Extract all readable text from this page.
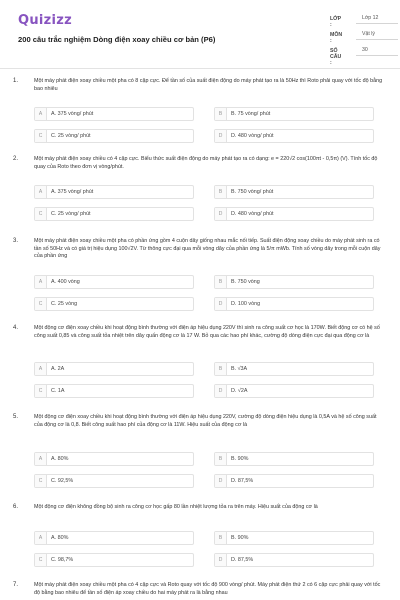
Quizizz
200 câu trắc nghiệm Dòng điện xoay chiều cơ bản (P6)
LỚP :
Lớp 12
MÔN :
Vật lý
SỐ CÂU :
30
1.	Một máy phát điện xoay chiều một pha có 8 cặp cực. Để tần số của suất điện động do máy phát tạo ra là 50Hz thì Roto phải quay với tốc độ bằng bao nhiêu
A	A. 375 vòng/ phút	B	B. 75 vòng/ phút
C	C. 25 vòng/ phút	D	D. 480 vòng/ phút
2.	Một máy phát điện xoay chiều có 4 cặp cực. Biểu thức suất điện động do máy phát tạo ra có dạng: e = 220√2 cos(100πt - 0,5π) (V). Tính tốc độ quay của Roto theo đơn vị vòng/phút.
A	A. 375 vòng/ phút	B	B. 750 vòng/ phút
C	C. 25 vòng/ phút	D	D. 480 vòng/ phút
3.	Một máy phát điện xoay chiều một pha có phần ứng gồm 4 cuộn dây giống nhau mắc nối tiếp. Suất điện động xoay chiều do máy phát sinh ra có tần số 50Hz và có giá trị hiệu dụng 100√2V. Từ thông cực đại qua mỗi vòng dây của phần ứng là 5/π mWb. Tính số vòng dây trong mỗi cuộn dây của phần ứng
A	A. 400 vòng	B	B. 750 vòng
C	C. 25 vòng	D	D. 100 vòng
4.	Một động cơ điện xoay chiều khi hoạt động bình thường với điện áp hiệu dụng 220V thì sinh ra công suất cơ học là 170W. Biết động cơ có hệ số công suất 0,85 và công suất tỏa nhiệt trên dây quấn động cơ là 17 W. Bỏ qua các hao phí khác, cường độ dòng điện cực đại qua động cơ là
A	A. 2A	B	B. √3A
C	C. 1A	D	D. √2A
5.	Một động cơ điện xoay chiều khi hoạt động bình thường với điện áp hiệu dụng 220V, cường độ dòng điện hiệu dụng là 0,5A và hệ số công suất của động cơ là 0,8. Biết công suất hao phí của động cơ là 11W. Hiệu suất của động cơ là
A	A. 80%	B	B. 90%
C	C. 92,5%	D	D. 87,5%
6.	Một động cơ điện không đồng bộ sinh ra công cơ học gấp 80 lần nhiệt lượng tỏa ra trên máy. Hiệu suất của động cơ là
A	A. 80%	B	B. 90%
C	C. 98,7%	D	D. 87,5%
7.	Một máy phát điện xoay chiều một pha có 4 cặp cực và Roto quay với tốc độ 900 vòng/ phút. Máy phát điện thứ 2 có 6 cặp cực phải quay với tốc độ bằng bao nhiêu để tần số điện áp xoay chiều do hai máy phát ra là bằng nhau
